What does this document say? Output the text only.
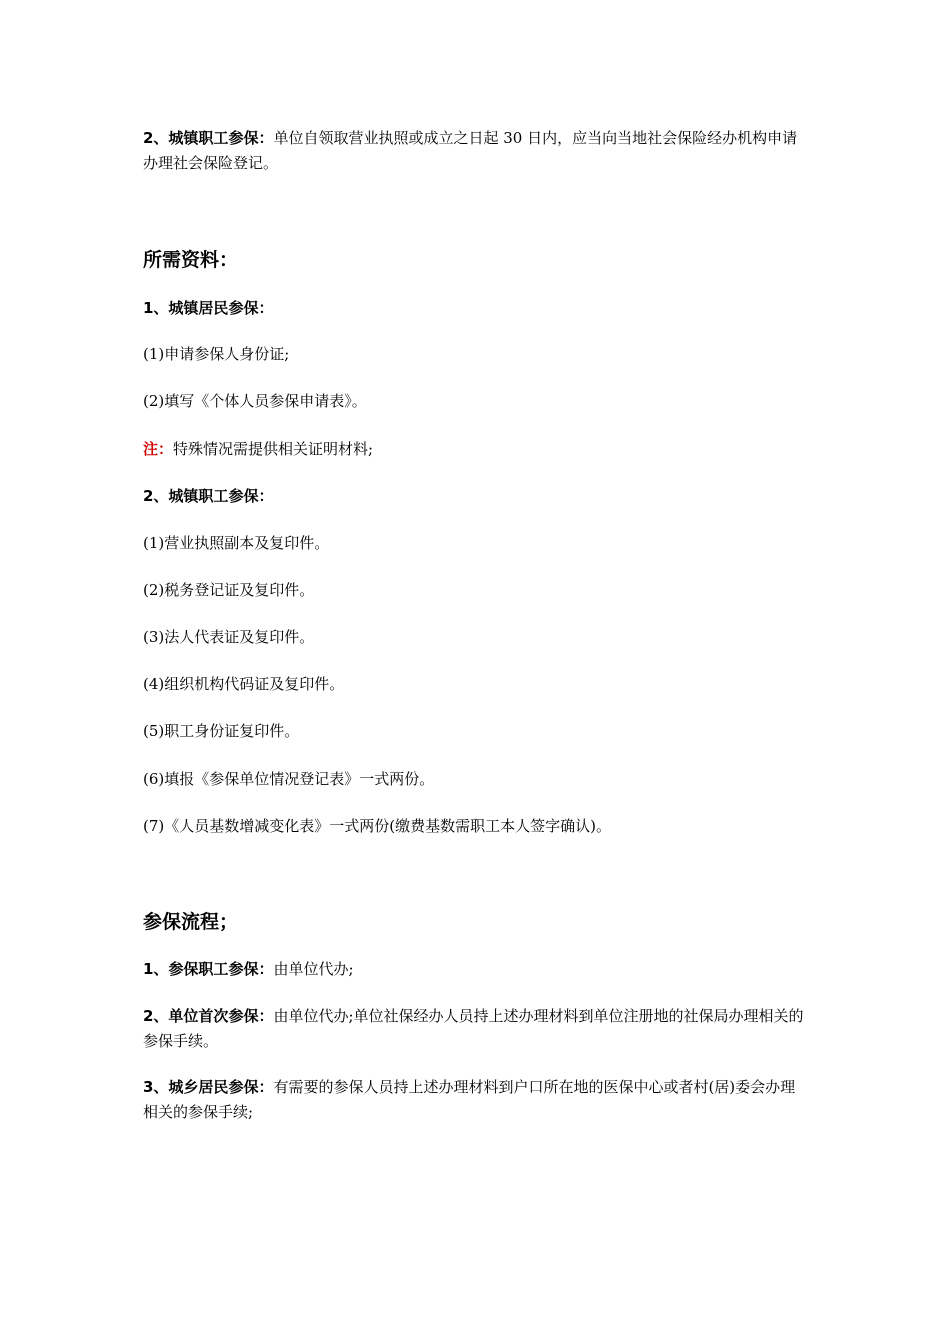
2、城镇职工参保：单位自领取营业执照或成立之日起 30 日内，应当向当地社会保险经办机构申请办理社会保险登记。

所需资料：

1、城镇居民参保：

(1)申请参保人身份证;

(2)填写《个体人员参保申请表》。

注：特殊情况需提供相关证明材料;

2、城镇职工参保：

(1)营业执照副本及复印件。

(2)税务登记证及复印件。

(3)法人代表证及复印件。

(4)组织机构代码证及复印件。

(5)职工身份证复印件。

(6)填报《参保单位情况登记表》一式两份。

(7)《人员基数增减变化表》一式两份(缴费基数需职工本人签字确认)。

参保流程；

1、参保职工参保：由单位代办;

2、单位首次参保：由单位代办;单位社保经办人员持上述办理材料到单位注册地的社保局办理相关的参保手续。

3、城乡居民参保：有需要的参保人员持上述办理材料到户口所在地的医保中心或者村(居)委会办理相关的参保手续;
